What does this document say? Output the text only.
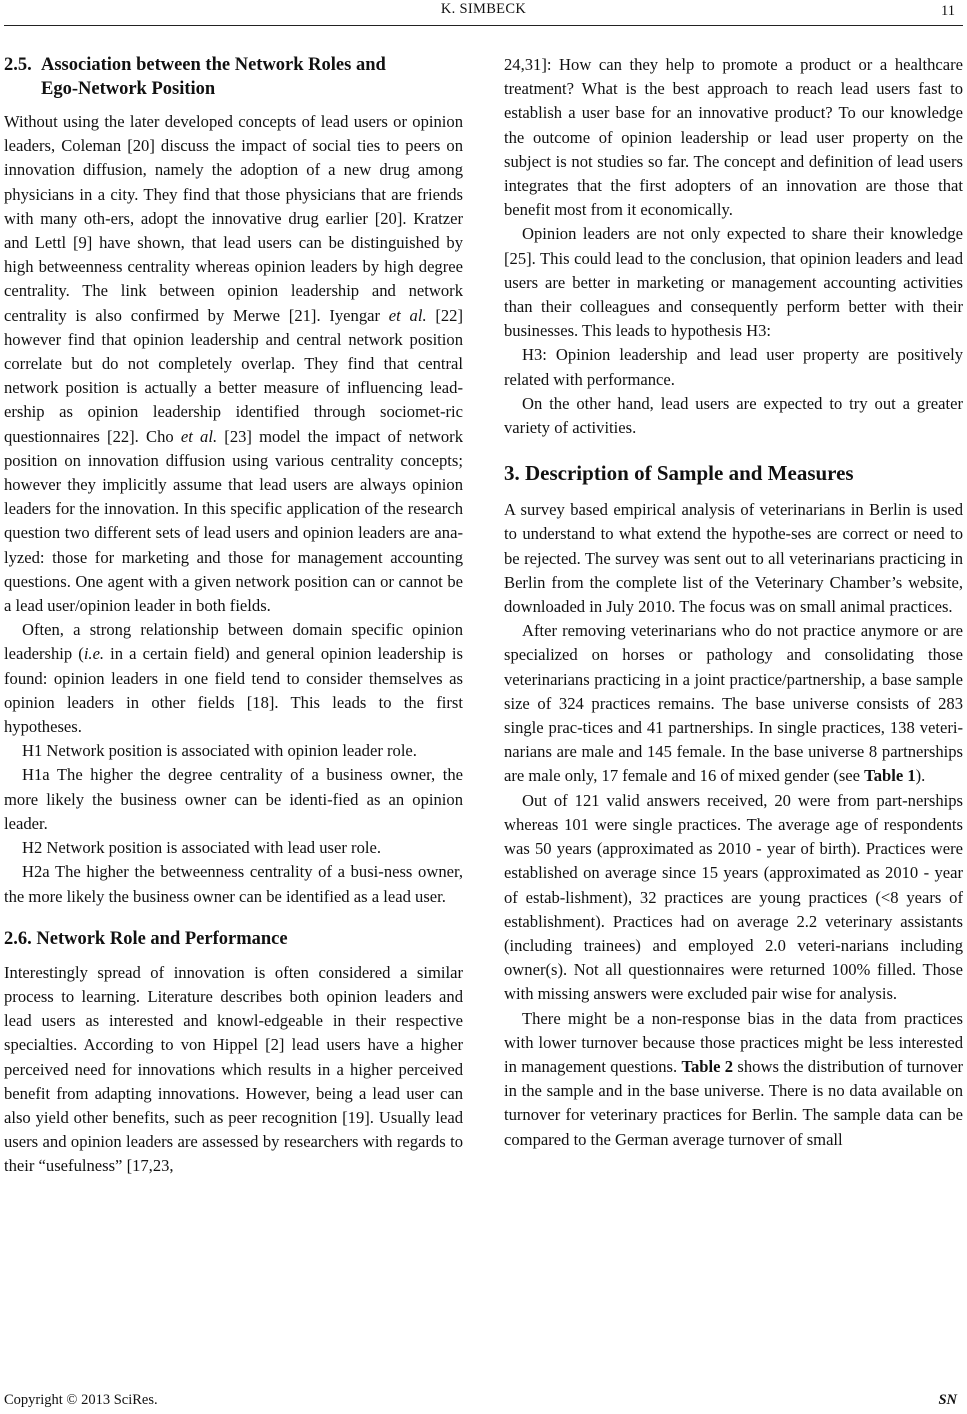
K. SIMBECK	11
2.5. Association between the Network Roles and
Ego-Network Position

Without using the later developed concepts of lead users or opinion leaders, Coleman [20] discuss the impact of social ties to peers on innovation diffusion, namely the adoption of a new drug among physicians in a city. They find that those physicians that are friends with many oth-ers, adopt the innovative drug earlier [20]. Kratzer and Lettl [9] have shown, that lead users can be distinguished by high betweenness centrality whereas opinion leaders by high degree centrality. The link between opinion leadership and network centrality is also confirmed by Merwe [21]. Iyengar et al. [22] however find that opinion leadership and central network position correlate but do not completely overlap. They find that central network position is actually a better measure of influencing lead-ership as opinion leadership identified through sociomet-ric questionnaires [22]. Cho et al. [23] model the impact of network position on innovation diffusion using various centrality concepts; however they implicitly assume that lead users are always opinion leaders for the innovation. In this specific application of the research question two different sets of lead users and opinion leaders are ana-lyzed: those for marketing and those for management accounting questions. One agent with a given network position can or cannot be a lead user/opinion leader in both fields.

Often, a strong relationship between domain specific opinion leadership (i.e. in a certain field) and general opinion leadership is found: opinion leaders in one field tend to consider themselves as opinion leaders in other fields [18]. This leads to the first hypotheses.

H1 Network position is associated with opinion leader role.

H1a The higher the degree centrality of a business owner, the more likely the business owner can be identi-fied as an opinion leader.

H2 Network position is associated with lead user role.

H2a The higher the betweenness centrality of a busi-ness owner, the more likely the business owner can be identified as a lead user.

2.6. Network Role and Performance

Interestingly spread of innovation is often considered a similar process to learning. Literature describes both opinion leaders and lead users as interested and knowl-edgeable in their respective specialties. According to von Hippel [2] lead users have a higher perceived need for innovations which results in a higher perceived benefit from adapting innovations. However, being a lead user can also yield other benefits, such as peer recognition [19]. Usually lead users and opinion leaders are assessed by researchers with regards to their “usefulness” [17,23,

24,31]: How can they help to promote a product or a healthcare treatment? What is the best approach to reach lead users fast to establish a user base for an innovative product? To our knowledge the outcome of opinion leadership or lead user property on the subject is not studies so far. The concept and definition of lead users integrates that the first adopters of an innovation are those that benefit most from it economically.

Opinion leaders are not only expected to share their knowledge [25]. This could lead to the conclusion, that opinion leaders and lead users are better in marketing or management accounting activities than their colleagues and consequently perform better with their businesses. This leads to hypothesis H3:

H3: Opinion leadership and lead user property are positively related with performance.

On the other hand, lead users are expected to try out a greater variety of activities.

3. Description of Sample and Measures

A survey based empirical analysis of veterinarians in Berlin is used to understand to what extend the hypothe-ses are correct or need to be rejected. The survey was sent out to all veterinarians practicing in Berlin from the complete list of the Veterinary Chamber’s website, downloaded in July 2010. The focus was on small animal practices.

After removing veterinarians who do not practice anymore or are specialized on horses or pathology and consolidating those veterinarians practicing in a joint practice/partnership, a base sample size of 324 practices remains. The base universe consists of 283 single prac-tices and 41 partnerships. In single practices, 138 veteri-narians are male and 145 female. In the base universe 8 partnerships are male only, 17 female and 16 of mixed gender (see Table 1).

Out of 121 valid answers received, 20 were from part-nerships whereas 101 were single practices. The average age of respondents was 50 years (approximated as 2010 - year of birth). Practices were established on average since 15 years (approximated as 2010 - year of estab-lishment), 32 practices are young practices (<8 years of establishment). Practices had on average 2.2 veterinary assistants (including trainees) and employed 2.0 veteri-narians including owner(s). Not all questionnaires were returned 100% filled. Those with missing answers were excluded pair wise for analysis.

There might be a non-response bias in the data from practices with lower turnover because those practices might be less interested in management questions. Table 2 shows the distribution of turnover in the sample and in the base universe. There is no data available on turnover for veterinary practices for Berlin. The sample data can be compared to the German average turnover of small

Copyright © 2013 SciRes.	SN
